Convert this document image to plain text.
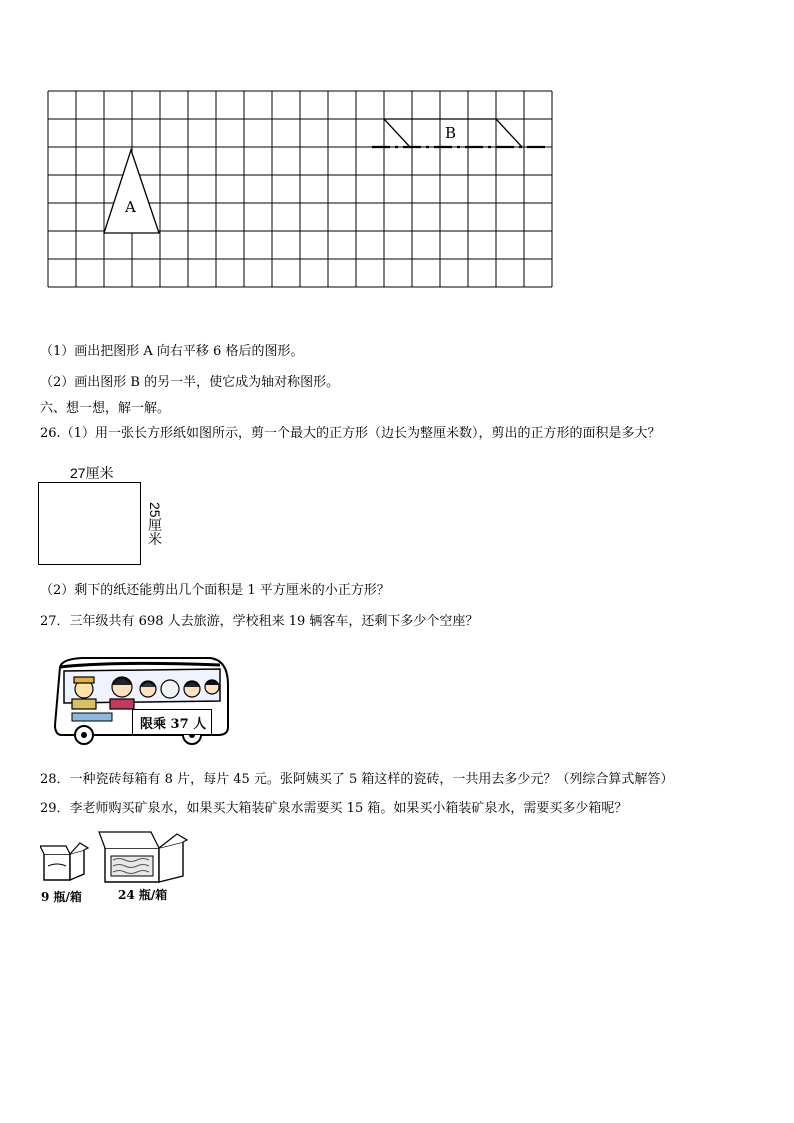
A
B
（1）画出把图形 A 向右平移 6 格后的图形。
（2）画出图形 B 的另一半，使它成为轴对称图形。
六、想一想，解一解。
26.（1）用一张长方形纸如图所示，剪一个最大的正方形（边长为整厘米数），剪出的正方形的面积是多大？
27厘米
25厘米
（2）剩下的纸还能剪出几个面积是 1 平方厘米的小正方形？
27．三年级共有 698 人去旅游，学校租来 19 辆客车，还剩下多少个空座？
限乘 37 人
28．一种瓷砖每箱有 8 片，每片 45 元。张阿姨买了 5 箱这样的瓷砖，一共用去多少元？（列综合算式解答）
29．李老师购买矿泉水，如果买大箱装矿泉水需要买 15 箱。如果买小箱装矿泉水，需要买多少箱呢？
9 瓶/箱	24 瓶/箱
